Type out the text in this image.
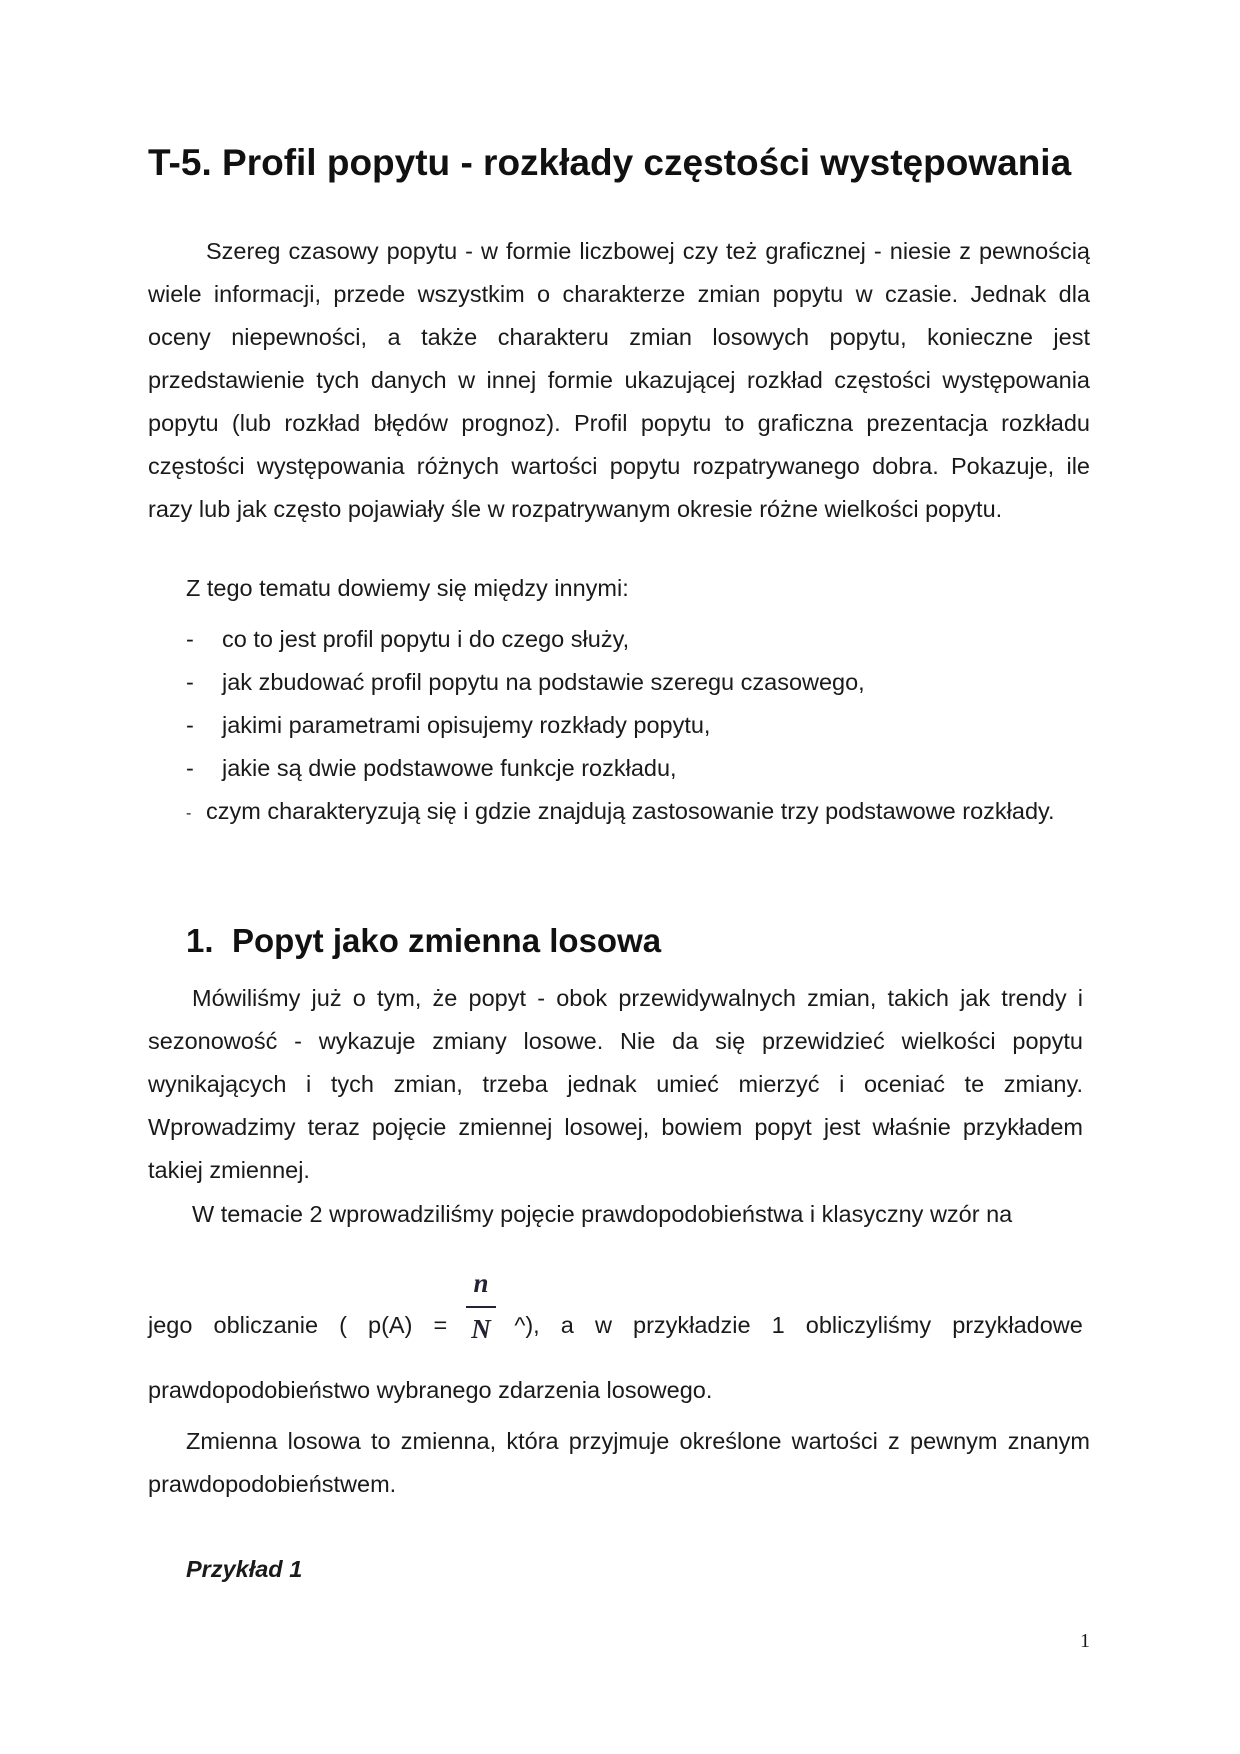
T-5. Profil popytu - rozkłady częstości występowania

Szereg czasowy popytu - w formie liczbowej czy też graficznej - niesie z pewnością wiele informacji, przede wszystkim o charakterze zmian popytu w czasie. Jednak dla oceny niepewności, a także charakteru zmian losowych popytu, konieczne jest przedstawienie tych danych w innej formie ukazującej rozkład częstości występowania popytu (lub rozkład błędów prognoz). Profil popytu to graficzna prezentacja rozkładu częstości występowania różnych wartości popytu rozpatrywanego dobra. Pokazuje, ile razy lub jak często pojawiały śle w rozpatrywanym okresie różne wielkości popytu.

Z tego tematu dowiemy się między innymi:

- co to jest profil popytu i do czego służy,
- jak zbudować profil popytu na podstawie szeregu czasowego,
- jakimi parametrami opisujemy rozkłady popytu,
- jakie są dwie podstawowe funkcje rozkładu,
- czym charakteryzują się i gdzie znajdują zastosowanie trzy podstawowe rozkłady.
1. Popyt jako zmienna losowa

Mówiliśmy już o tym, że popyt - obok przewidywalnych zmian, takich jak trendy i sezonowość - wykazuje zmiany losowe. Nie da się przewidzieć wielkości popytu wynikających i tych zmian, trzeba jednak umieć mierzyć i oceniać te zmiany. Wprowadzimy teraz pojęcie zmiennej losowej, bowiem popyt jest właśnie przykładem takiej zmiennej.

W temacie 2 wprowadziliśmy pojęcie prawdopodobieństwa i klasyczny wzór na

n
N
jego obliczanie ( p(A) =	^), a w przykładzie 1 obliczyliśmy przykładowe

prawdopodobieństwo wybranego zdarzenia losowego.

Zmienna losowa to zmienna, która przyjmuje określone wartości z pewnym znanym prawdopodobieństwem.

Przykład 1

1
